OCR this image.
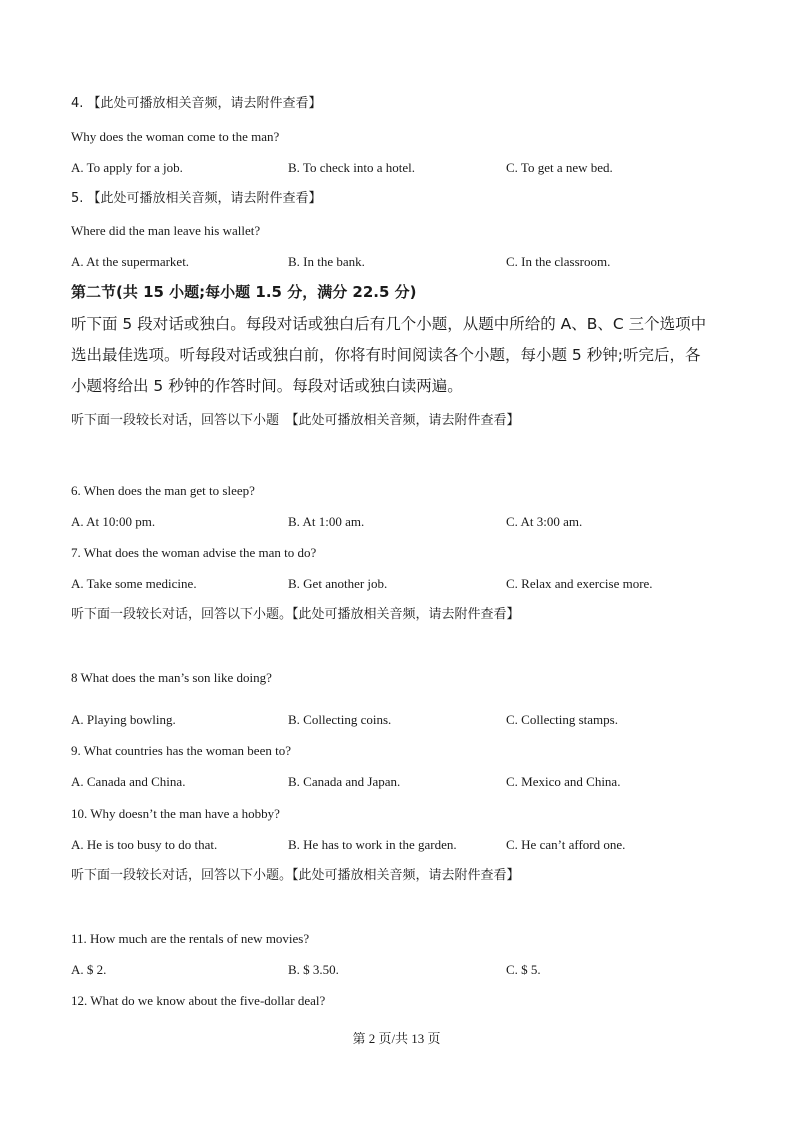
4. 【此处可播放相关音频，请去附件查看】
Why does the woman come to the man?
A. To apply for a job.	B. To check into a hotel.	C. To get a new bed.
5. 【此处可播放相关音频，请去附件查看】
Where did the man leave his wallet?
A. At the supermarket.	B. In the bank.	C. In the classroom.
第二节(共 15 小题;每小题 1.5 分，满分 22.5 分)
听下面 5 段对话或独白。每段对话或独白后有几个小题，从题中所给的 A、B、C 三个选项中
选出最佳选项。听每段对话或独白前，你将有时间阅读各个小题，每小题 5 秒钟;听完后，各
小题将给出 5 秒钟的作答时间。每段对话或独白读两遍。
听下面一段较长对话，回答以下小题　【此处可播放相关音频，请去附件查看】
6. When does the man get to sleep?
A. At 10:00 pm.	B. At 1:00 am.	C. At 3:00 am.
7. What does the woman advise the man to do?
A. Take some medicine.	B. Get another job.	C. Relax and exercise more.
听下面一段较长对话，回答以下小题。【此处可播放相关音频，请去附件查看】
8 What does the man’s son like doing?
A. Playing bowling.	B. Collecting coins.	C. Collecting stamps.
9. What countries has the woman been to?
A. Canada and China.	B. Canada and Japan.	C. Mexico and China.
10. Why doesn’t the man have a hobby?
A. He is too busy to do that.	B. He has to work in the garden.	C. He can’t afford one.
听下面一段较长对话，回答以下小题。【此处可播放相关音频，请去附件查看】
11. How much are the rentals of new movies?
A. $ 2.	B. $ 3.50.	C. $ 5.
12. What do we know about the five-dollar deal?
第 2 页/共 13 页
